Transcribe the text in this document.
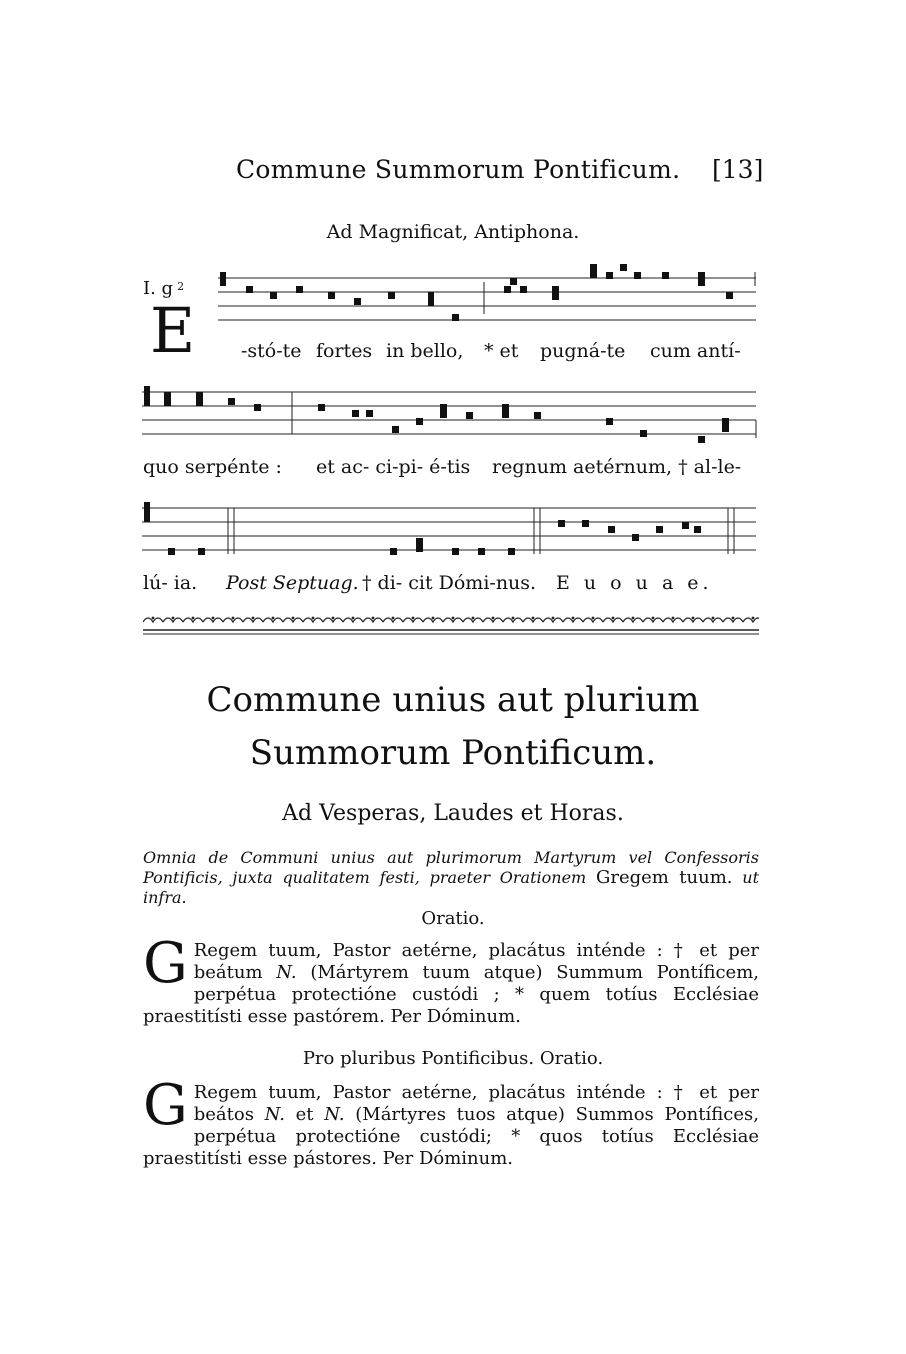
Commune Summorum Pontificum. [13]
Ad Magnificat, Antiphona.
I. g $_2$
E -stó-te fortes in bello, * et pugná-te cum antí-
quo serpénte : et ac- ci-pi- é-tis regnum aetérnum, † al-le-
lú- ia. Post Septuag. † di- cit Dómi-nus. E u o u a e.
Commune unius aut plurium
Summorum Pontificum.
Ad Vesperas, Laudes et Horas.
Omnia de Communi unius aut plurimorum Martyrum vel Confessoris Pontificis, juxta qualitatem festi, praeter Orationem Gregem tuum. ut infra.
Oratio.
G Regem tuum, Pastor aetérne, placátus inténde : † et per beátum N. (Mártyrem tuum atque) Summum Pontíficem, perpétua protectióne custódi ; * quem totíus Ecclésiae praestitísti esse pastórem. Per Dóminum.
Pro pluribus Pontificibus. Oratio.
G Regem tuum, Pastor aetérne, placátus inténde : † et per beátos N. et N. (Mártyres tuos atque) Summos Pontífices, perpétua protectióne custódi; * quos totíus Ecclésiae praestitísti esse pástores. Per Dóminum.
